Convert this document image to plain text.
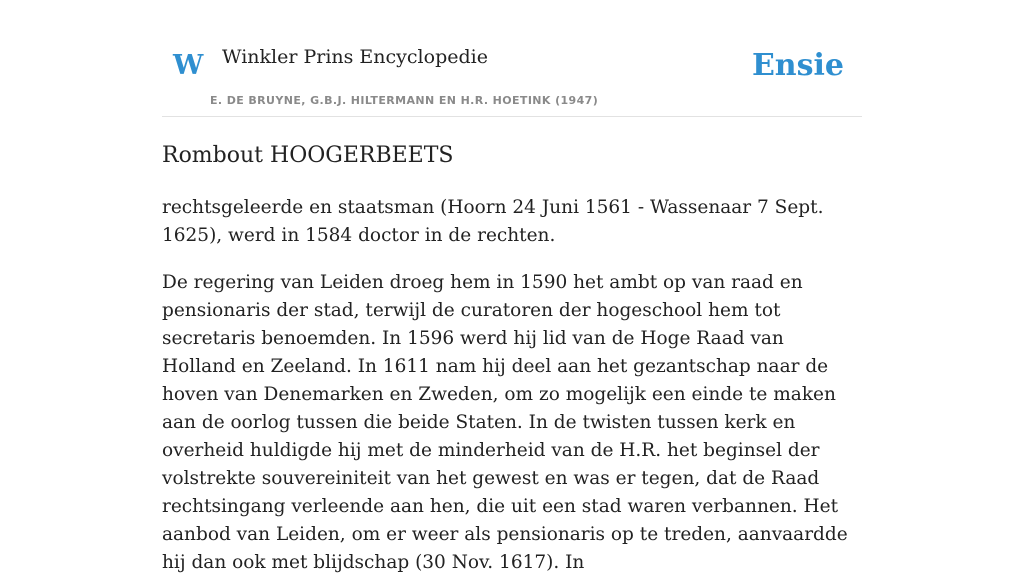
W Winkler Prins Encyclopedie
E. DE BRUYNE, G.B.J. HILTERMANN EN H.R. HOETINK (1947)
Ensie
Rombout HOOGERBEETS

rechtsgeleerde en staatsman (Hoorn 24 Juni 1561 - Wassenaar 7 Sept. 1625), werd in 1584 doctor in de rechten.

De regering van Leiden droeg hem in 1590 het ambt op van raad en pensionaris der stad, terwijl de curatoren der hogeschool hem tot secretaris benoemden. In 1596 werd hij lid van de Hoge Raad van Holland en Zeeland. In 1611 nam hij deel aan het gezantschap naar de hoven van Denemarken en Zweden, om zo mogelijk een einde te maken aan de oorlog tussen die beide Staten. In de twisten tussen kerk en overheid huldigde hij met de minderheid van de H.R. het beginsel der volstrekte souvereiniteit van het gewest en was er tegen, dat de Raad rechtsingang verleende aan hen, die uit een stad waren verbannen. Het aanbod van Leiden, om er weer als pensionaris op te treden, aanvaardde hij dan ook met blijdschap (30 Nov. 1617). In
